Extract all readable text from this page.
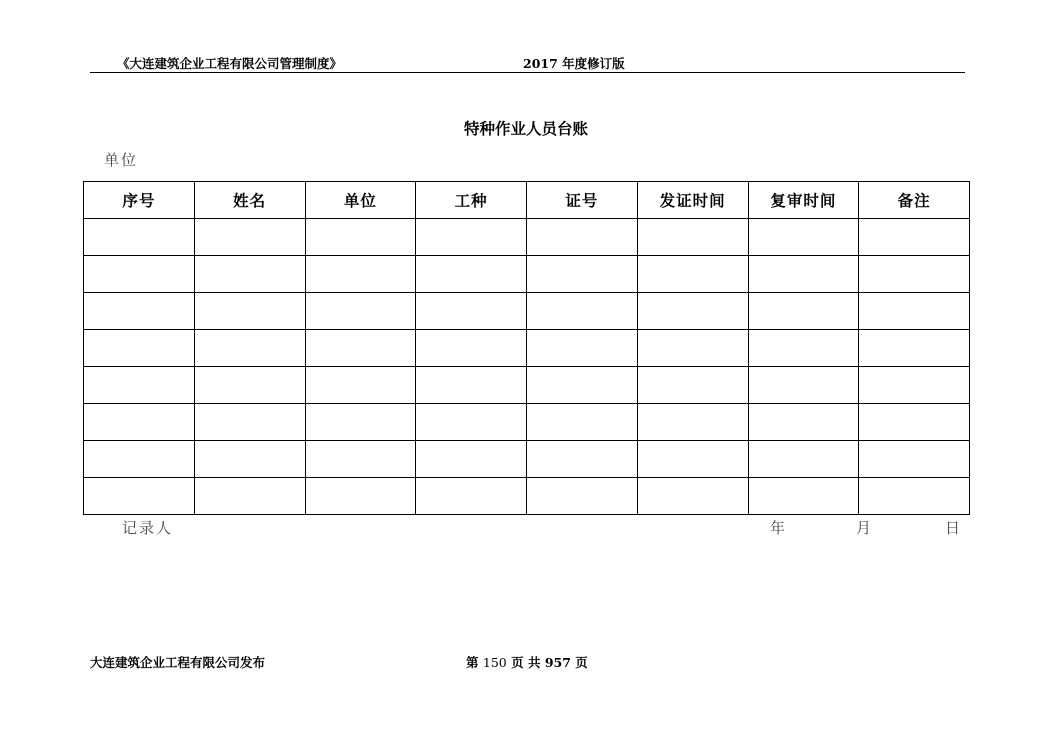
《大连建筑企业工程有限公司管理制度》	2017 年度修订版
特种作业人员台账
单位
序号	姓名	单位	工种	证号	发证时间	复审时间	备注

记录人	年	月	日
大连建筑企业工程有限公司发布	第 150 页 共 957 页
